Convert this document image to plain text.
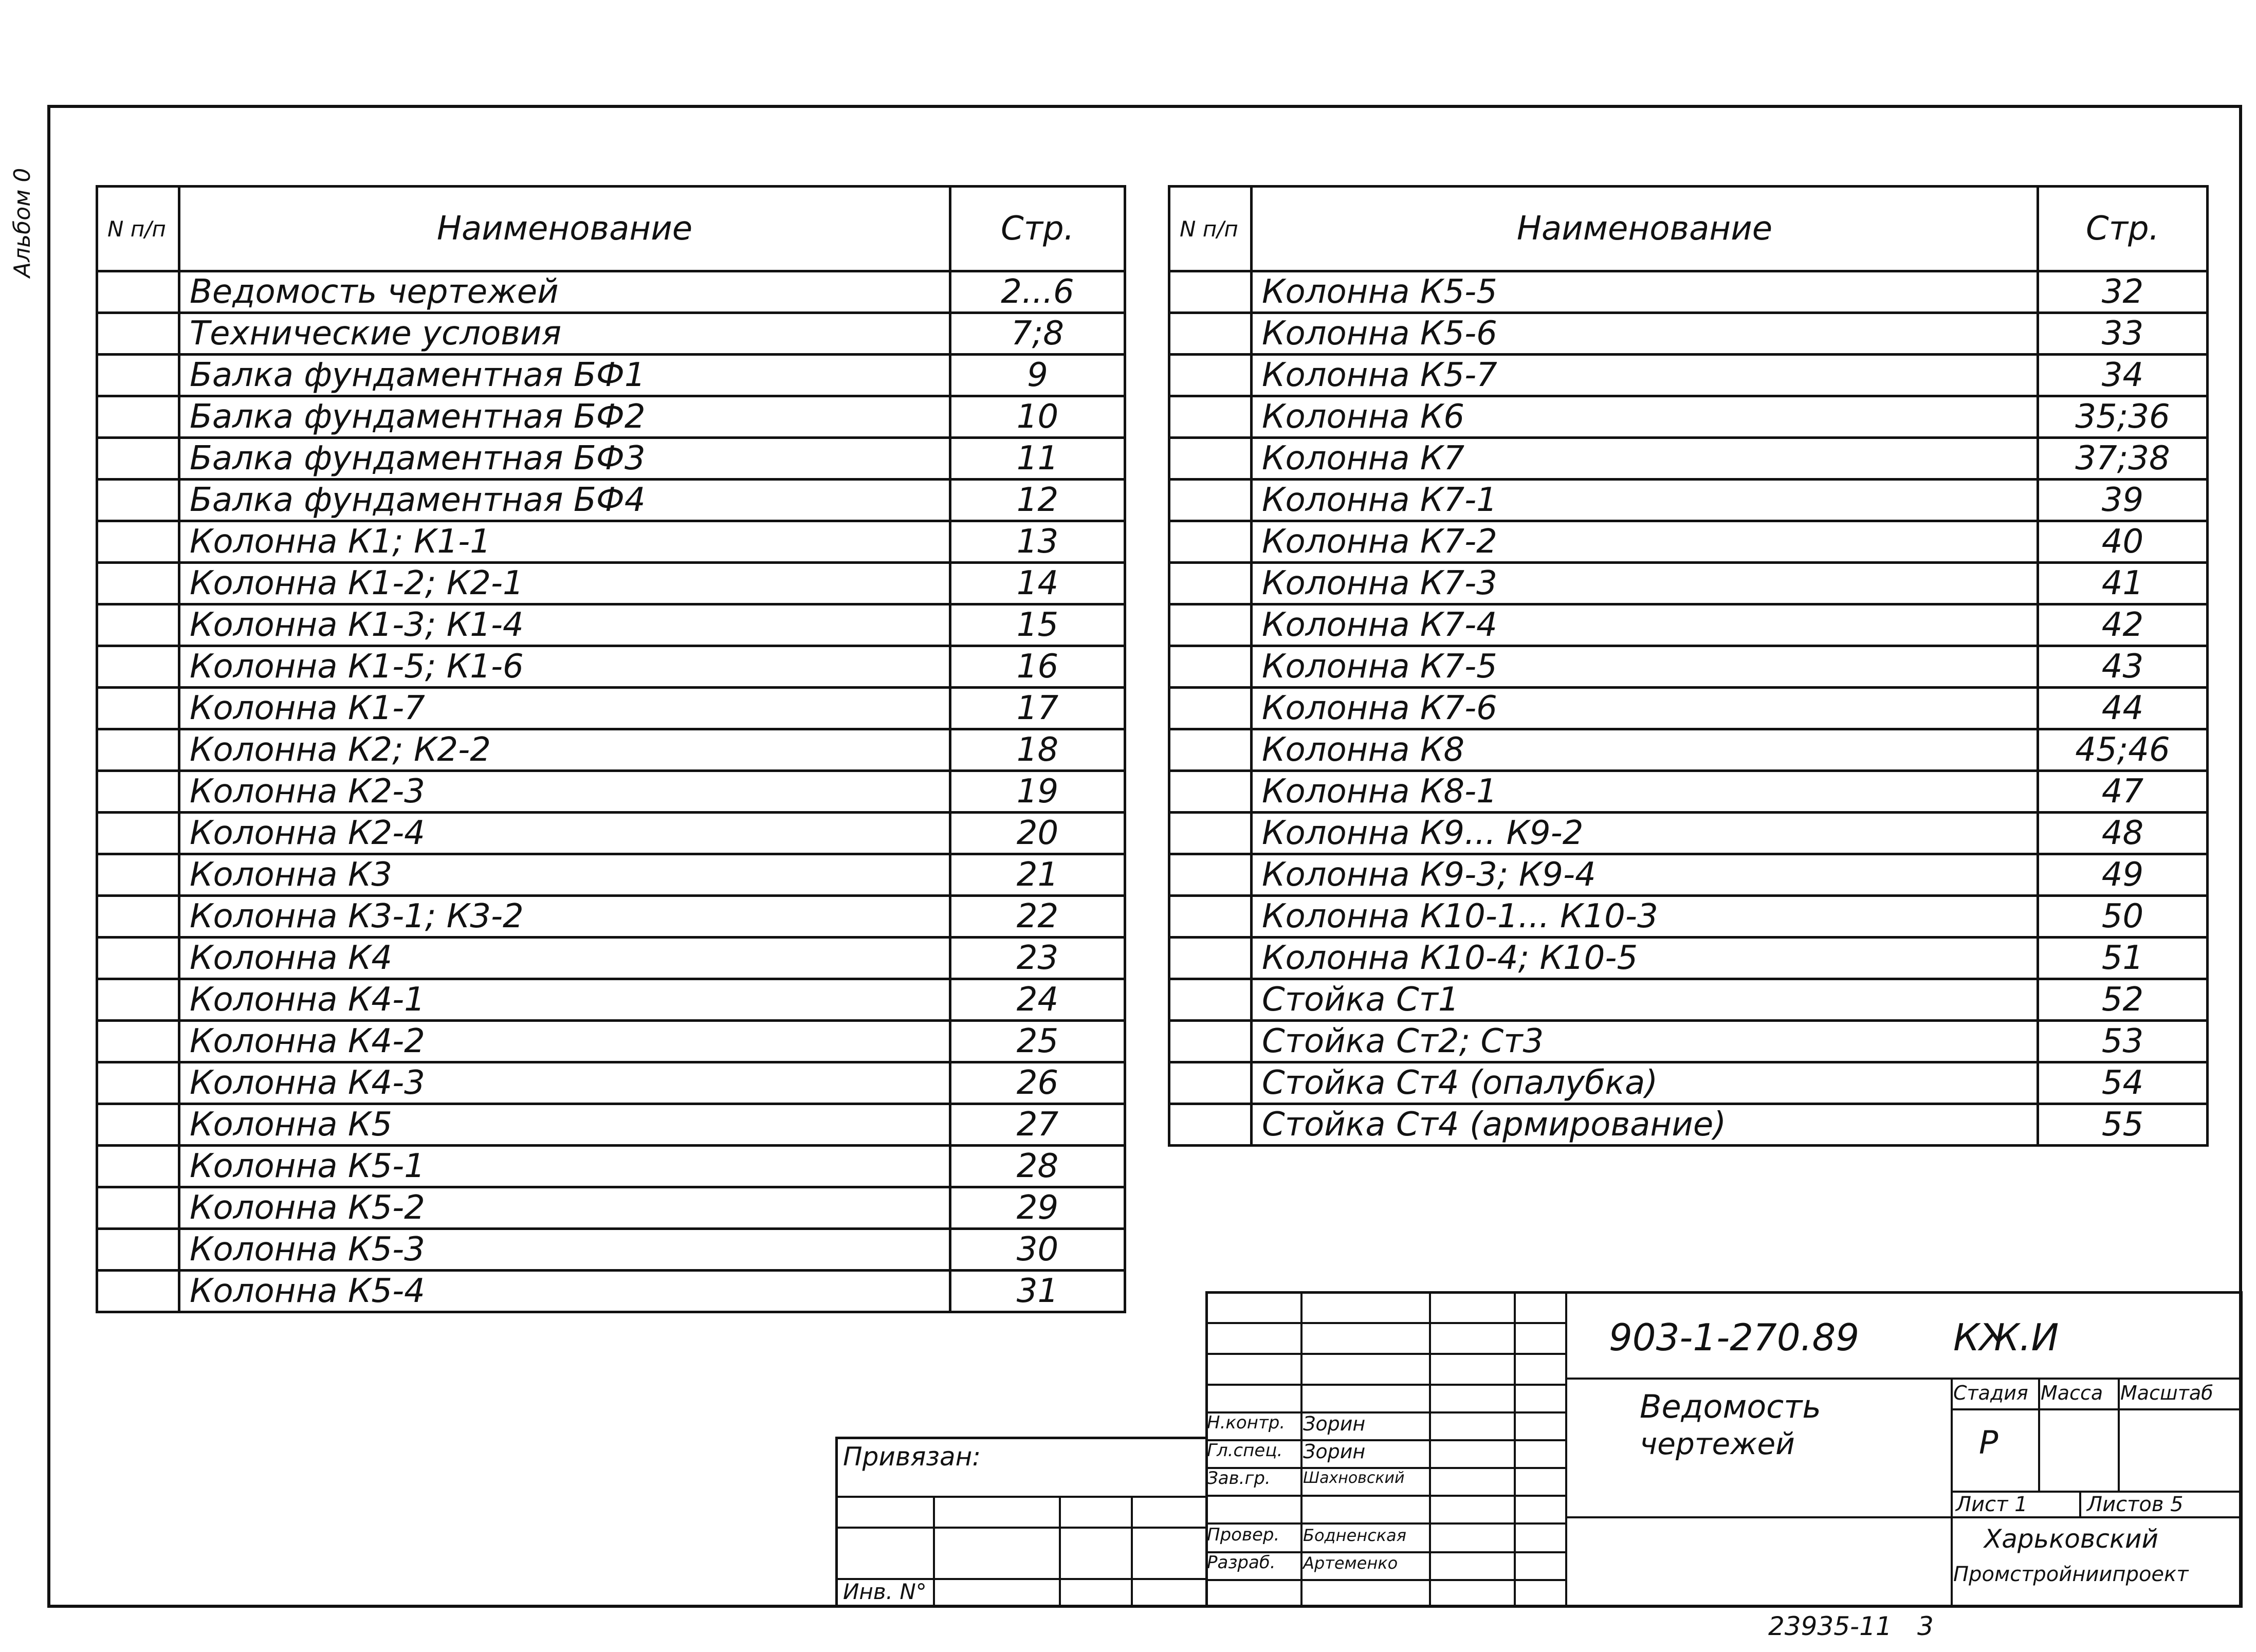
Альбом 0	N п/п	Наименование	Стр.
	Ведомость чертежей	2...6
	Технические условия	7;8
	Балка фундаментная БФ1	9
	Балка фундаментная БФ2	10
	Балка фундаментная БФ3	11
	Балка фундаментная БФ4	12
	Колонна К1; К1-1	13
	Колонна К1-2; К2-1	14
	Колонна К1-3; К1-4	15
	Колонна К1-5; К1-6	16
	Колонна К1-7	17
	Колонна К2; К2-2	18
	Колонна К2-3	19
	Колонна К2-4	20
	Колонна К3	21
	Колонна К3-1; К3-2	22
	Колонна К4	23
	Колонна К4-1	24
	Колонна К4-2	25
	Колонна К4-3	26
	Колонна К5	27
	Колонна К5-1	28
	Колонна К5-2	29
	Колонна К5-3	30
	Колонна К5-4	31
N п/п	Наименование	Стр.
	Колонна К5-5	32
	Колонна К5-6	33
	Колонна К5-7	34
	Колонна К6	35;36
	Колонна К7	37;38
	Колонна К7-1	39
	Колонна К7-2	40
	Колонна К7-3	41
	Колонна К7-4	42
	Колонна К7-5	43
	Колонна К7-6	44
	Колонна К8	45;46
	Колонна К8-1	47
	Колонна К9... К9-2	48
	Колонна К9-3; К9-4	49
	Колонна К10-1... К10-3	50
	Колонна К10-4; К10-5	51
	Стойка Ст1	52
	Стойка Ст2; Ст3	53
	Стойка Ст4 (опалубка)	54
	Стойка Ст4 (армирование)	55
Привязан:
Инв. N°
Н.контр. Зорин
Гл.спец. Зорин
Зав.гр. Шахновский
Провер. Бодненская
Разраб. Артеменко
903-1-270.89	КЖ.И
Ведомость
чертежей
Стадия Масса Масштаб
Р
Лист 1	Листов 5
Харьковский
Промстройниипроект
23935-11 3
